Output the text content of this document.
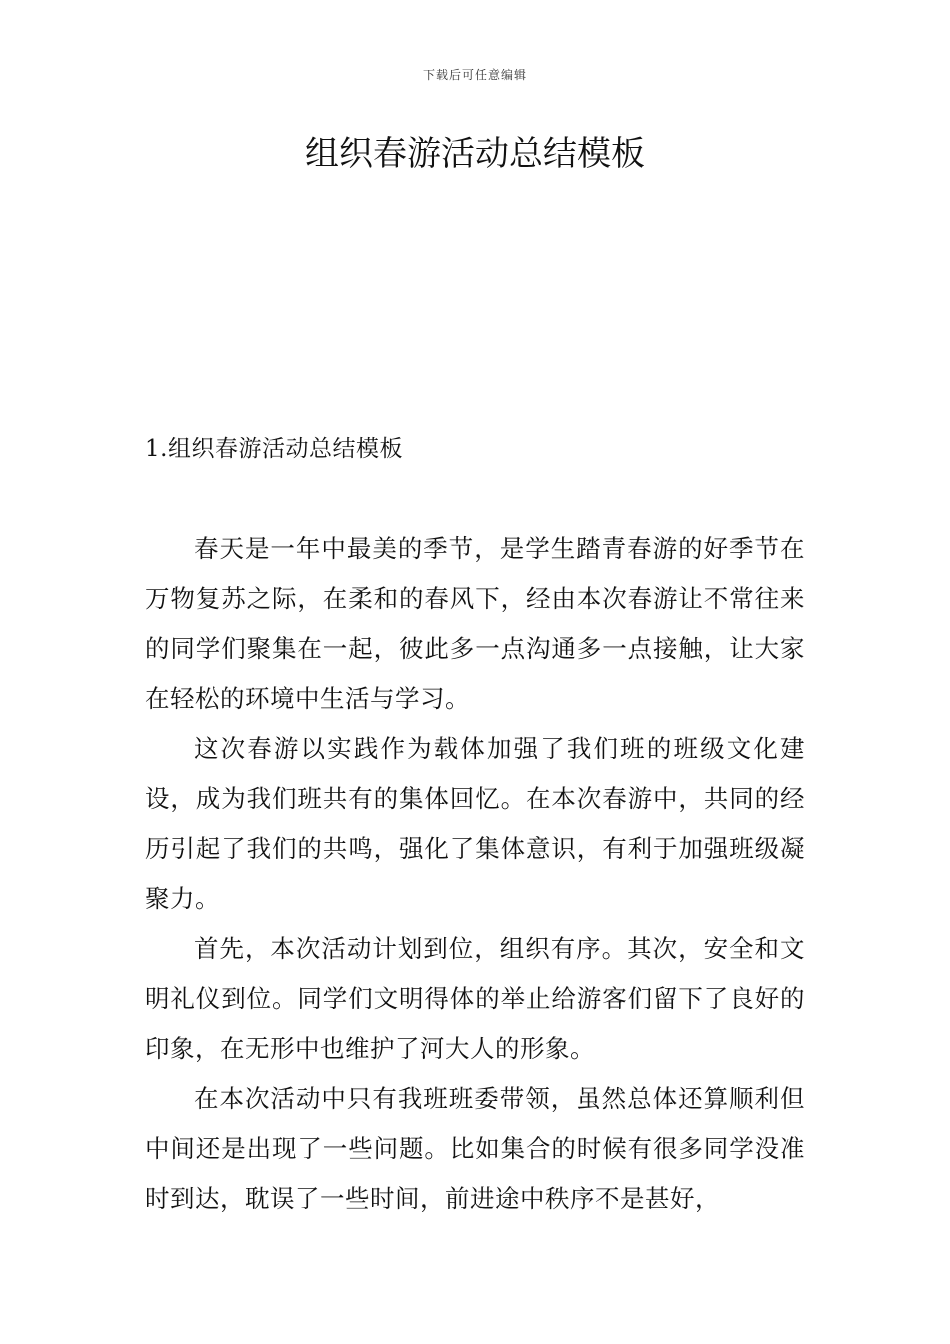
下载后可任意编辑
组织春游活动总结模板
1.组织春游活动总结模板

春天是一年中最美的季节，是学生踏青春游的好季节在万物复苏之际，在柔和的春风下，经由本次春游让不常往来的同学们聚集在一起，彼此多一点沟通多一点接触，让大家在轻松的环境中生活与学习。

这次春游以实践作为载体加强了我们班的班级文化建设，成为我们班共有的集体回忆。在本次春游中，共同的经历引起了我们的共鸣，强化了集体意识，有利于加强班级凝聚力。

首先，本次活动计划到位，组织有序。其次，安全和文明礼仪到位。同学们文明得体的举止给游客们留下了良好的印象，在无形中也维护了河大人的形象。

在本次活动中只有我班班委带领，虽然总体还算顺利但中间还是出现了一些问题。比如集合的时候有很多同学没准时到达，耽误了一些时间，前进途中秩序不是甚好，
